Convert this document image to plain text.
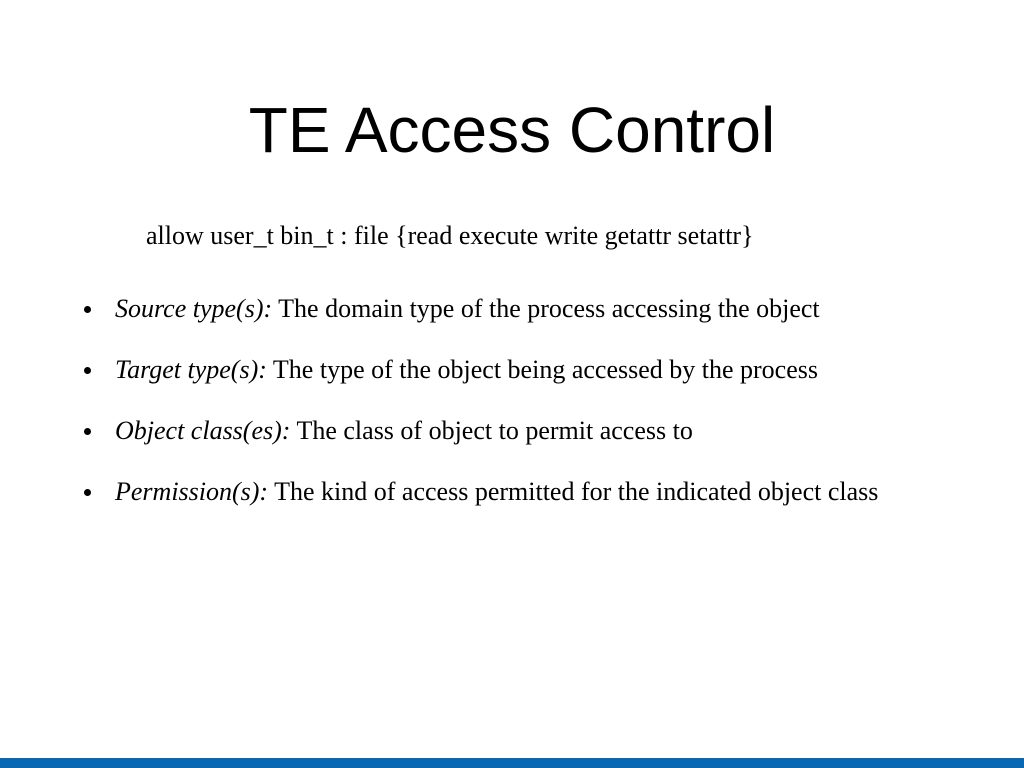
TE Access Control
allow user_t bin_t : file {read execute write getattr setattr}
Source type(s): The domain type of the process accessing the object
Target type(s): The type of the object being accessed by the process
Object class(es): The class of object to permit access to
Permission(s): The kind of access permitted for the indicated object class
